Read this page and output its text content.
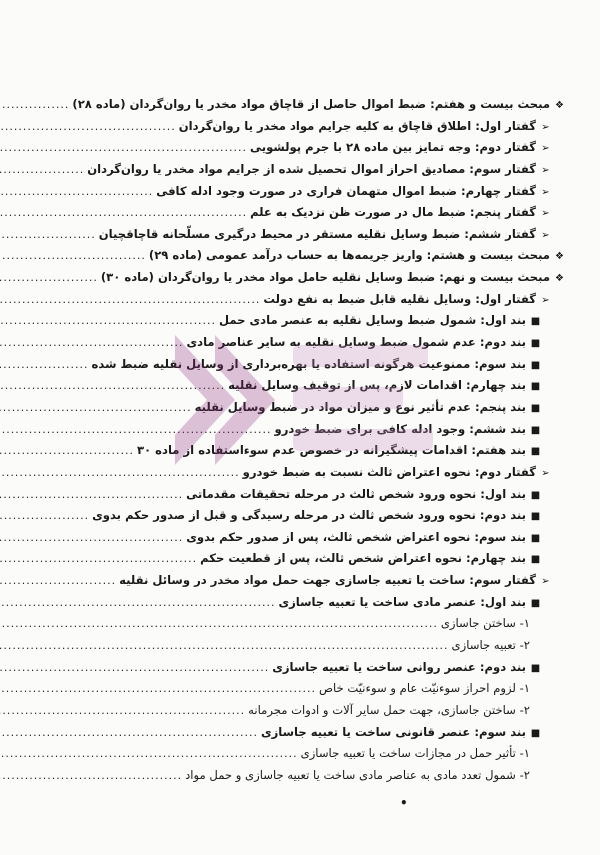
❖
مبحث بیست و هفتم: ضبط اموال حاصل از قاچاق مواد مخدر یا روان‌گردان (ماده ۲۸)
.....
➢
گفتار اول: اطلاق قاچاق به کلیه جرایم مواد مخدر یا روان‌گردان
.....
➢
گفتار دوم: وجه تمایز بین ماده ۲۸ با جرم پولشویی
.....
➢
گفتار سوم: مصادیق احراز اموال تحصیل شده از جرایم مواد مخدر یا روان‌گردان
.....
➢
گفتار چهارم: ضبط اموال متهمان فراری در صورت وجود ادله کافی
.....
➢
گفتار پنجم: ضبط مال در صورت ظن نزدیک به علم
.....
➢
گفتار ششم: ضبط وسایل نقلیه مستقر در محیط درگیری مسلّحانه قاچاقچیان
.....
❖
مبحث بیست و هشتم: واریز جریمه‌ها به حساب درآمد عمومی (ماده ۲۹)
.....
❖
مبحث بیست و نهم: ضبط وسایل نقلیه حامل مواد مخدر یا روان‌گردان (ماده ۳۰)
.....
➢
گفتار اول: وسایل نقلیه قابل ضبط به نفع دولت
.....
■
بند اول: شمول ضبط وسایل نقلیه به عنصر مادی حمل
.....
■
بند دوم: عدم شمول ضبط وسایل نقلیه به سایر عناصر مادی
.....
■
بند سوم: ممنوعیت هرگونه استفاده یا بهره‌برداری از وسایل نقلیه ضبط شده
.....
■
بند چهارم: اقدامات لازم، پس از توقیف وسایل نقلیه
.....
■
بند پنجم: عدم تأثیر نوع و میزان مواد در ضبط وسایل نقلیه
.....
■
بند ششم: وجود ادله کافی برای ضبط خودرو
.....
■
بند هفتم: اقدامات پیشگیرانه در خصوص عدم سوءاستفاده از ماده ۳۰
.....
➢
گفتار دوم: نحوه اعتراض ثالث نسبت به ضبط خودرو
.....
■
بند اول: نحوه ورود شخص ثالث در مرحله تحقیقات مقدماتی
.....
■
بند دوم: نحوه ورود شخص ثالث در مرحله رسیدگی و قبل از صدور حکم بدوی
.....
■
بند سوم: نحوه اعتراض شخص ثالث، پس از صدور حکم بدوی
.....
■
بند چهارم: نحوه اعتراض شخص ثالث، پس از قطعیت حکم
.....
➢
گفتار سوم: ساخت یا تعبیه جاسازی جهت حمل مواد مخدر در وسائل نقلیه
.....
■
بند اول: عنصر مادی ساخت یا تعبیه جاسازی
.....
۱- ساختن جاسازی
.....
۲- تعبیه جاسازی
.....
■
بند دوم: عنصر روانی ساخت یا تعبیه جاسازی
.....
۱- لزوم احراز سوءنیّت عام و سوءنیّت خاص
.....
۲- ساختن جاسازی، جهت حمل سایر آلات و ادوات مجرمانه
.....
■
بند سوم: عنصر قانونی ساخت یا تعبیه جاسازی
.....
۱- تأثیر حمل در مجازات ساخت یا تعبیه جاسازی
.....
۲- شمول تعدد مادی به عناصر مادی ساخت یا تعبیه جاسازی و حمل مواد
.....
•
